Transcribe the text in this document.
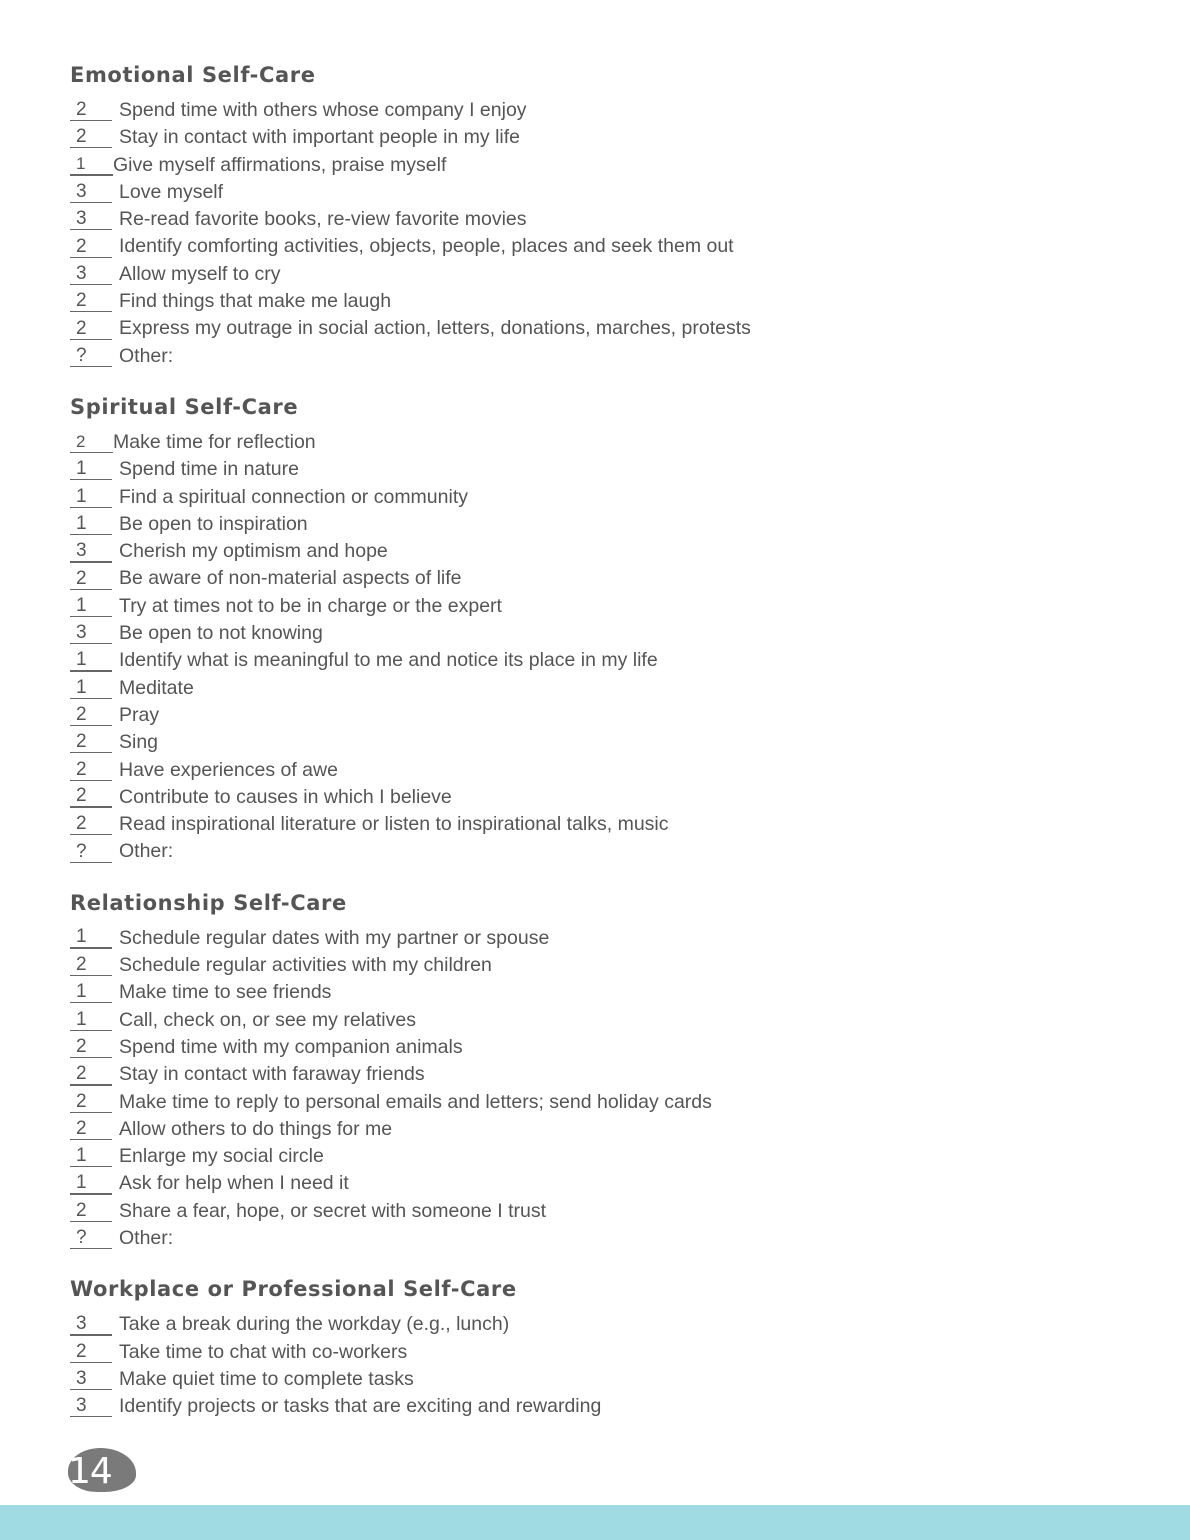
Emotional Self-Care
2	Spend time with others whose company I enjoy
2	Stay in contact with important people in my life
1	Give myself affirmations, praise myself
3	Love myself
3	Re-read favorite books, re-view favorite movies
2	Identify comforting activities, objects, people, places and seek them out
3	Allow myself to cry
2	Find things that make me laugh
2	Express my outrage in social action, letters, donations, marches, protests
?	Other:
Spiritual Self-Care
2	Make time for reflection
1	Spend time in nature
1	Find a spiritual connection or community
1	Be open to inspiration
3	Cherish my optimism and hope
2	Be aware of non-material aspects of life
1	Try at times not to be in charge or the expert
3	Be open to not knowing
1	Identify what is meaningful to me and notice its place in my life
1	Meditate
2	Pray
2	Sing
2	Have experiences of awe
2	Contribute to causes in which I believe
2	Read inspirational literature or listen to inspirational talks, music
?	Other:
Relationship Self-Care
1	Schedule regular dates with my partner or spouse
2	Schedule regular activities with my children
1	Make time to see friends
1	Call, check on, or see my relatives
2	Spend time with my companion animals
2	Stay in contact with faraway friends
2	Make time to reply to personal emails and letters; send holiday cards
2	Allow others to do things for me
1	Enlarge my social circle
1	Ask for help when I need it
2	Share a fear, hope, or secret with someone I trust
?	Other:
Workplace or Professional Self-Care
3	Take a break during the workday (e.g., lunch)
2	Take time to chat with co-workers
3	Make quiet time to complete tasks
3	Identify projects or tasks that are exciting and rewarding
14
